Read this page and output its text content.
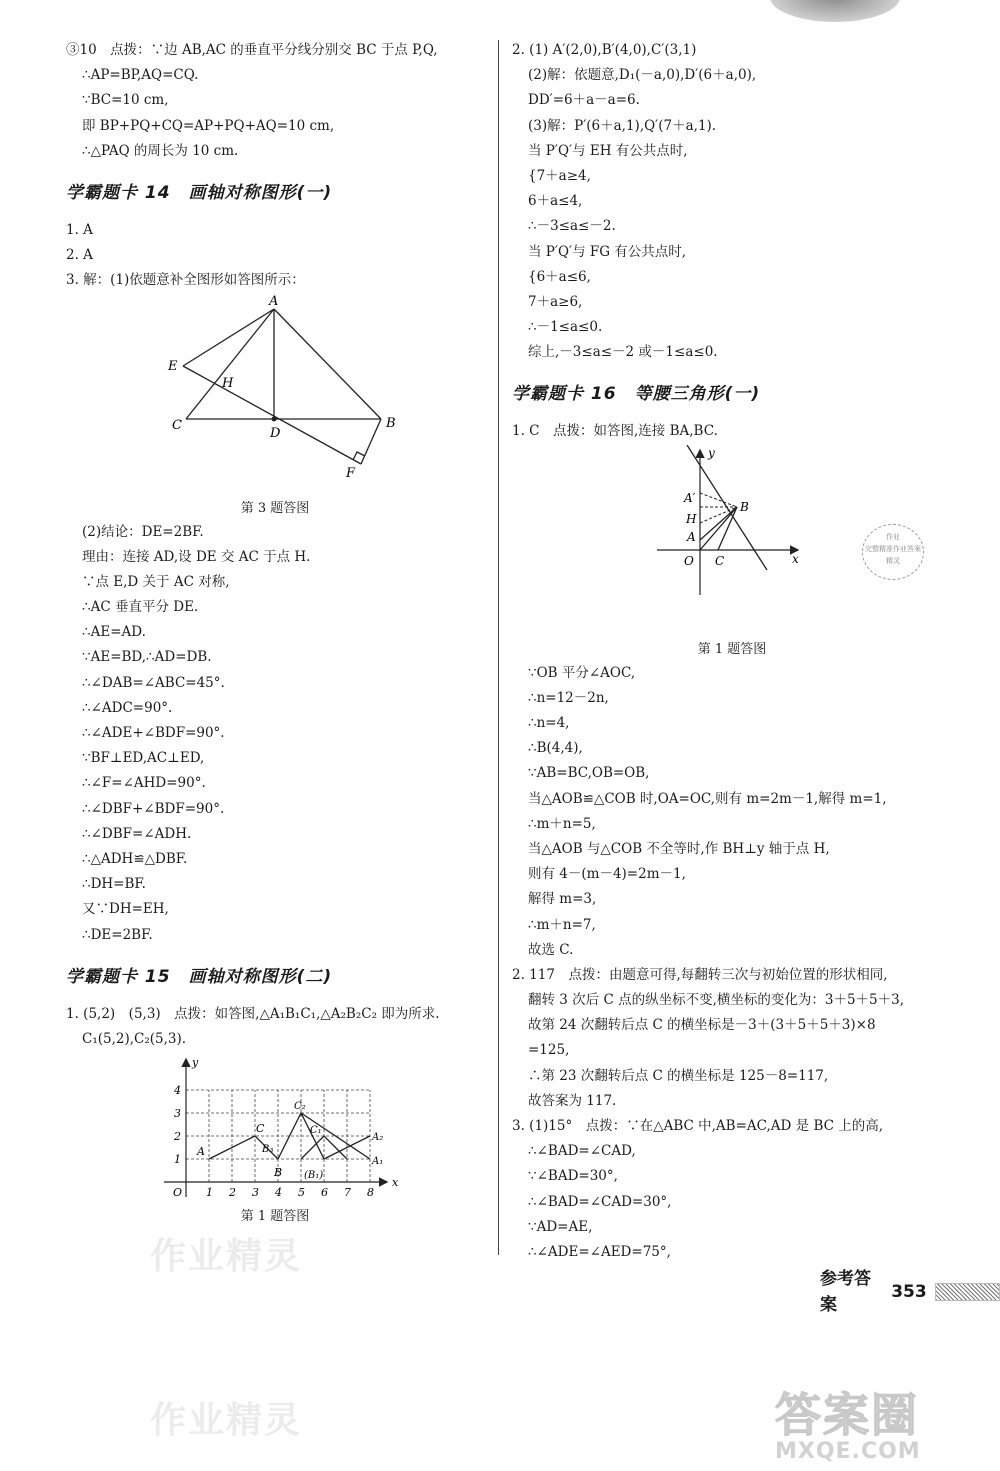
③10　点拨：∵边 AB,AC 的垂直平分线分别交 BC 于点 P,Q,
∴AP=BP,AQ=CQ.
∵BC=10 cm,
即 BP+PQ+CQ=AP+PQ+AQ=10 cm,
∴△PAQ 的周长为 10 cm.
学霸题卡 14　画轴对称图形(一)
1. A
2. A
3. 解：(1)依题意补全图形如答图所示：
A
E
H
C
D
B
F
第 3 题答图
(2)结论：DE=2BF.
理由：连接 AD,设 DE 交 AC 于点 H.
∵点 E,D 关于 AC 对称,
∴AC 垂直平分 DE.
∴AE=AD.
∵AE=BD,∴AD=DB.
∴∠DAB=∠ABC=45°.
∴∠ADC=90°.
∴∠ADE+∠BDF=90°.
∵BF⊥ED,AC⊥ED,
∴∠F=∠AHD=90°.
∴∠DBF+∠BDF=90°.
∴∠DBF=∠ADH.
∴△ADH≌△DBF.
∴DH=BF.
又∵DH=EH,
∴DE=2BF.
学霸题卡 15　画轴对称图形(二)
1. (5,2)　(5,3)　点拨：如答图,△A₁B₁C₁,△A₂B₂C₂ 即为所求.
C₁(5,2),C₂(5,3).
1 2 3 4 5 6 7 8
1
2
3
4
O
x
y
A
C
B₃
B
C₂
C₁
(B₁)
A₂
A₁
第 1 题答图
2. (1) A′(2,0),B′(4,0),C′(3,1)
(2)解：依题意,D₁(－a,0),D′(6＋a,0),
DD′=6＋a－a=6.
(3)解：P′(6＋a,1),Q′(7＋a,1).
当 P′Q′与 EH 有公共点时,
{7＋a≥4,
6＋a≤4,
∴－3≤a≤－2.
当 P′Q′与 FG 有公共点时,
{6＋a≤6,
7＋a≥6,
∴－1≤a≤0.
综上,－3≤a≤－2 或－1≤a≤0.
学霸题卡 16　等腰三角形(一)
1. C　点拨：如答图,连接 BA,BC.
y
x
O C
A
H
A′
B
第 1 题答图
∵OB 平分∠AOC,
∴n=12－2n,
∴n=4,
∴B(4,4),
∵AB=BC,OB=OB,
当△AOB≌△COB 时,OA=OC,则有 m=2m－1,解得 m=1,
∴m＋n=5,
当△AOB 与△COB 不全等时,作 BH⊥y 轴于点 H,
则有 4－(m－4)=2m－1,
解得 m=3,
∴m＋n=7,
故选 C.
2. 117　点拨：由题意可得,每翻转三次与初始位置的形状相同,
翻转 3 次后 C 点的纵坐标不变,横坐标的变化为：3＋5＋5＋3,
故第 24 次翻转后点 C 的横坐标是－3＋(3＋5＋5＋3)×8
=125,
∴第 23 次翻转后点 C 的横坐标是 125－8=117,
故答案为 117.
3. (1)15°　点拨：∵在△ABC 中,AB=AC,AD 是 BC 上的高,
∴∠BAD=∠CAD,
∵∠BAD=30°,
∴∠BAD=∠CAD=30°,
∵AD=AE,
∴∠ADE=∠AED=75°,
作业
完整精准作业答案
精灵
参考答案
353
作业精灵
作业精灵	答案圈
MXQE.COM
